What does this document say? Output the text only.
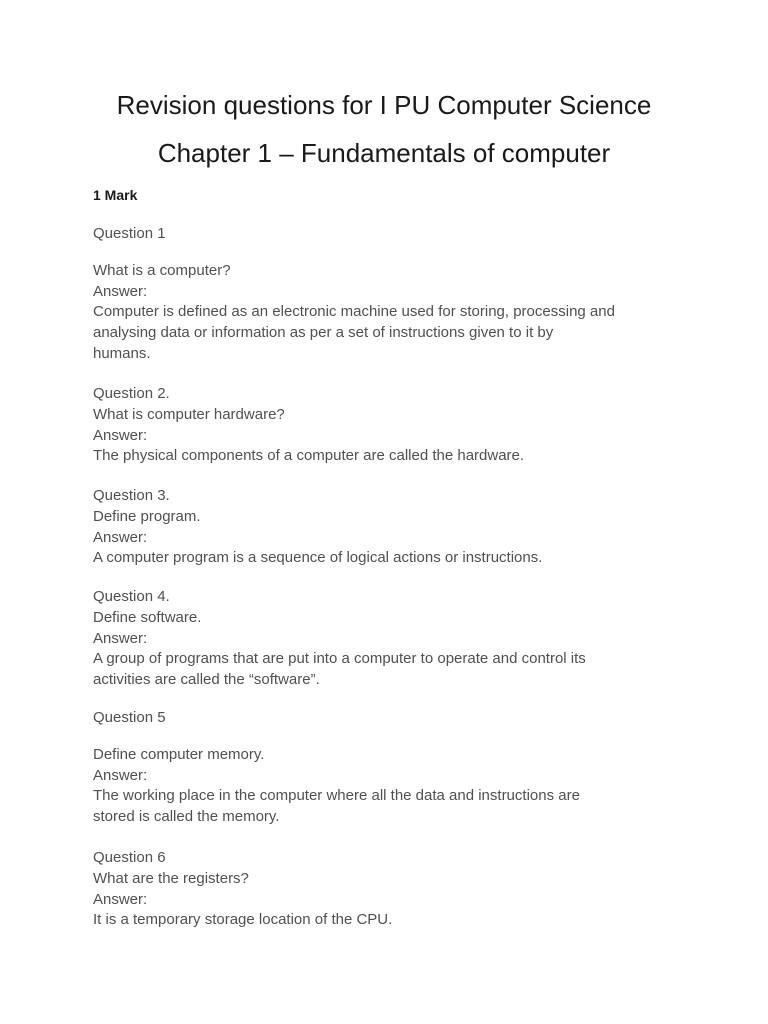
Revision questions for I PU Computer Science
Chapter 1 – Fundamentals of computer
1 Mark
Question 1
What is a computer?
Answer:
Computer is defined as an electronic machine used for storing, processing and
analysing data or information as per a set of instructions given to it by
humans.
Question 2.
What is computer hardware?
Answer:
The physical components of a computer are called the hardware.
Question 3.
Define program.
Answer:
A computer program is a sequence of logical actions or instructions.
Question 4.
Define software.
Answer:
A group of programs that are put into a computer to operate and control its
activities are called the “software”.
Question 5
Define computer memory.
Answer:
The working place in the computer where all the data and instructions are
stored is called the memory.
Question 6
What are the registers?
Answer:
It is a temporary storage location of the CPU.
